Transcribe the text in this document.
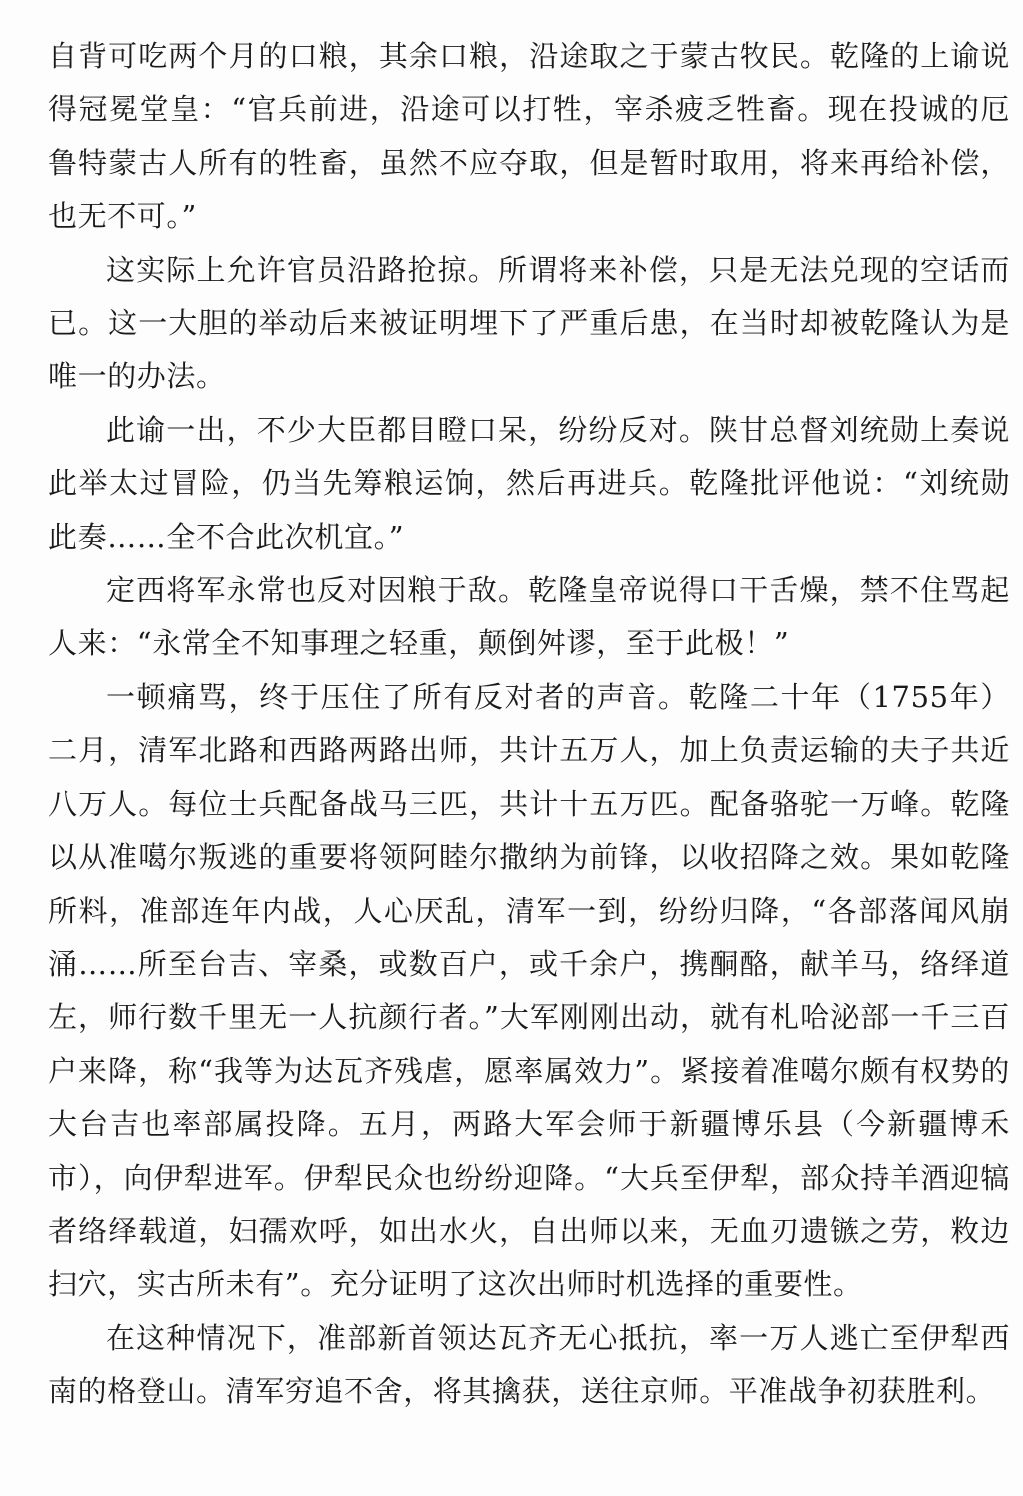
自背可吃两个月的口粮，其余口粮，沿途取之于蒙古牧民。乾隆的上谕说得冠冕堂皇：“官兵前进，沿途可以打牲，宰杀疲乏牲畜。现在投诚的厄鲁特蒙古人所有的牲畜，虽然不应夺取，但是暂时取用，将来再给补偿，也无不可。”

这实际上允许官员沿路抢掠。所谓将来补偿，只是无法兑现的空话而已。这一大胆的举动后来被证明埋下了严重后患，在当时却被乾隆认为是唯一的办法。

此谕一出，不少大臣都目瞪口呆，纷纷反对。陕甘总督刘统勋上奏说此举太过冒险，仍当先筹粮运饷，然后再进兵。乾隆批评他说：“刘统勋此奏……全不合此次机宜。”

定西将军永常也反对因粮于敌。乾隆皇帝说得口干舌燥，禁不住骂起人来：“永常全不知事理之轻重，颠倒舛谬，至于此极！”

一顿痛骂，终于压住了所有反对者的声音。乾隆二十年（1755年）二月，清军北路和西路两路出师，共计五万人，加上负责运输的夫子共近八万人。每位士兵配备战马三匹，共计十五万匹。配备骆驼一万峰。乾隆以从准噶尔叛逃的重要将领阿睦尔撒纳为前锋，以收招降之效。果如乾隆所料，准部连年内战，人心厌乱，清军一到，纷纷归降，“各部落闻风崩涌……所至台吉、宰桑，或数百户，或千余户，携酮酪，献羊马，络绎道左，师行数千里无一人抗颜行者。”大军刚刚出动，就有札哈泌部一千三百户来降，称“我等为达瓦齐残虐，愿率属效力”。紧接着准噶尔颇有权势的大台吉也率部属投降。五月，两路大军会师于新疆博乐县（今新疆博禾市），向伊犁进军。伊犁民众也纷纷迎降。“大兵至伊犁，部众持羊酒迎犒者络绎载道，妇孺欢呼，如出水火，自出师以来，无血刃遗镞之劳，敉边扫穴，实古所未有”。充分证明了这次出师时机选择的重要性。

在这种情况下，准部新首领达瓦齐无心抵抗，率一万人逃亡至伊犁西南的格登山。清军穷追不舍，将其擒获，送往京师。平准战争初获胜利。
